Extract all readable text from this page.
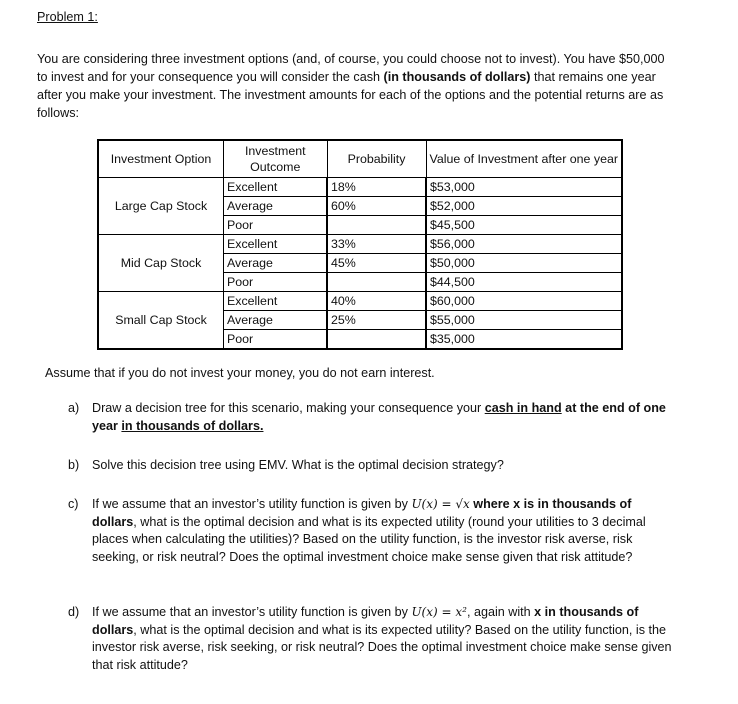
Problem 1:
You are considering three investment options (and, of course, you could choose not to invest). You have $50,000 to invest and for your consequence you will consider the cash (in thousands of dollars) that remains one year after you make your investment. The investment amounts for each of the options and the potential returns are as follows:
Investment Option	Investment Outcome	Probability	Value of Investment after one year
Large Cap Stock	Excellent	18%	$53,000
	Average	60%	$52,000
	Poor		$45,500
Mid Cap Stock	Excellent	33%	$56,000
	Average	45%	$50,000
	Poor		$44,500
Small Cap Stock	Excellent	40%	$60,000
	Average	25%	$55,000
	Poor		$35,000
Assume that if you do not invest your money, you do not earn interest.
a) Draw a decision tree for this scenario, making your consequence your cash in hand at the end of one year in thousands of dollars.
b) Solve this decision tree using EMV. What is the optimal decision strategy?
c) If we assume that an investor’s utility function is given by U(x) = √x where x is in thousands of dollars, what is the optimal decision and what is its expected utility (round your utilities to 3 decimal places when calculating the utilities)? Based on the utility function, is the investor risk averse, risk seeking, or risk neutral? Does the optimal investment choice make sense given that risk attitude?
d) If we assume that an investor’s utility function is given by U(x) = x², again with x in thousands of dollars, what is the optimal decision and what is its expected utility? Based on the utility function, is the investor risk averse, risk seeking, or risk neutral? Does the optimal investment choice make sense given that risk attitude?
